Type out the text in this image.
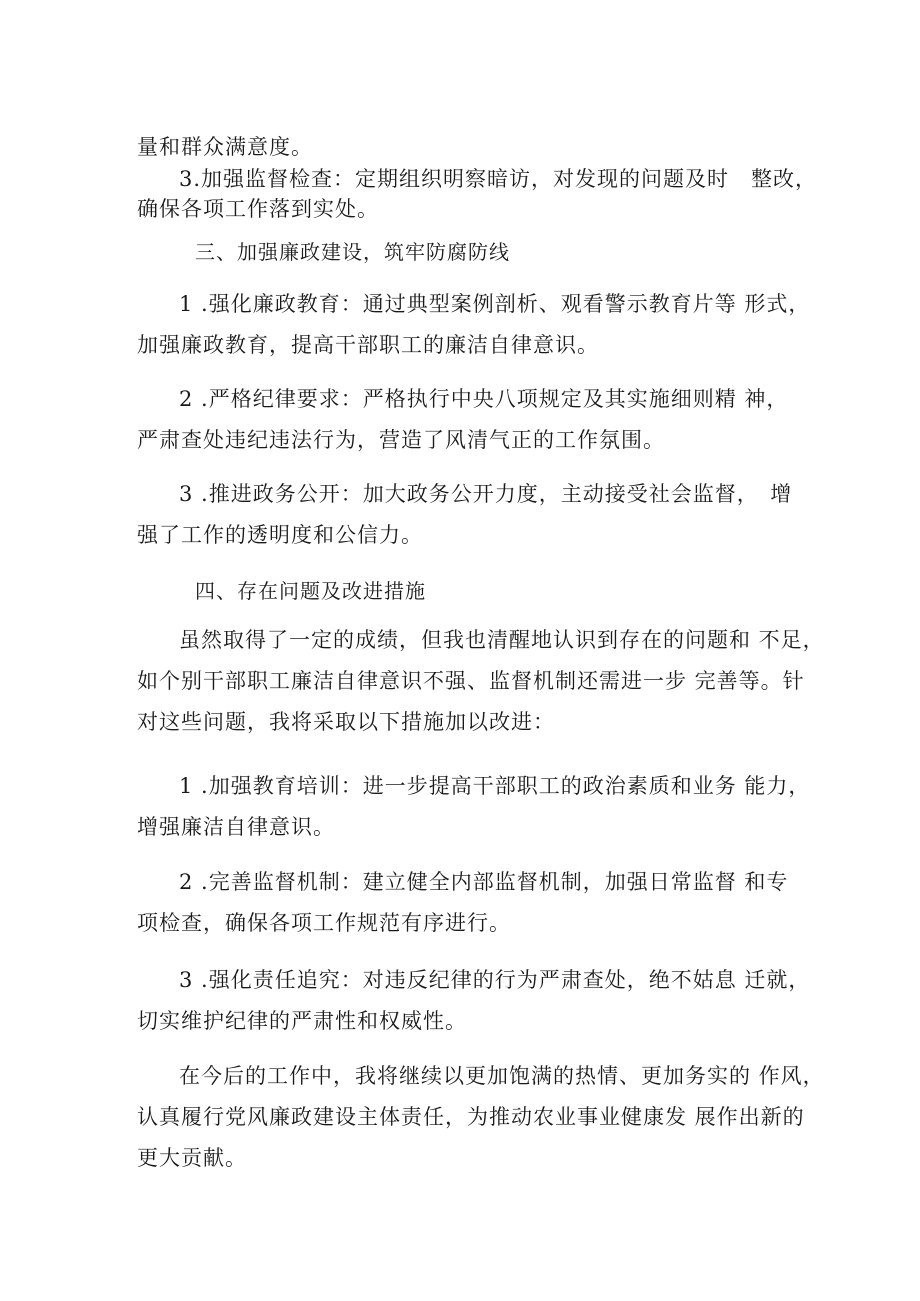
量和群众满意度。

3.加强监督检查：定期组织明察暗访，对发现的问题及时　整改，
确保各项工作落到实处。

三、加强廉政建设，筑牢防腐防线

1 .强化廉政教育：通过典型案例剖析、观看警示教育片等 形式，
加强廉政教育，提高干部职工的廉洁自律意识。

2 .严格纪律要求：严格执行中央八项规定及其实施细则精 神，
严肃查处违纪违法行为，营造了风清气正的工作氛围。

3 .推进政务公开：加大政务公开力度，主动接受社会监督，　增
强了工作的透明度和公信力。

四、存在问题及改进措施

虽然取得了一定的成绩，但我也清醒地认识到存在的问题和 不足，
如个别干部职工廉洁自律意识不强、监督机制还需进一步 完善等。针
对这些问题，我将采取以下措施加以改进：

1 .加强教育培训：进一步提高干部职工的政治素质和业务 能力，
增强廉洁自律意识。

2 .完善监督机制：建立健全内部监督机制，加强日常监督 和专
项检查，确保各项工作规范有序进行。

3 .强化责任追究：对违反纪律的行为严肃查处，绝不姑息 迁就，
切实维护纪律的严肃性和权威性。

在今后的工作中，我将继续以更加饱满的热情、更加务实的 作风，
认真履行党风廉政建设主体责任，为推动农业事业健康发 展作出新的
更大贡献。
